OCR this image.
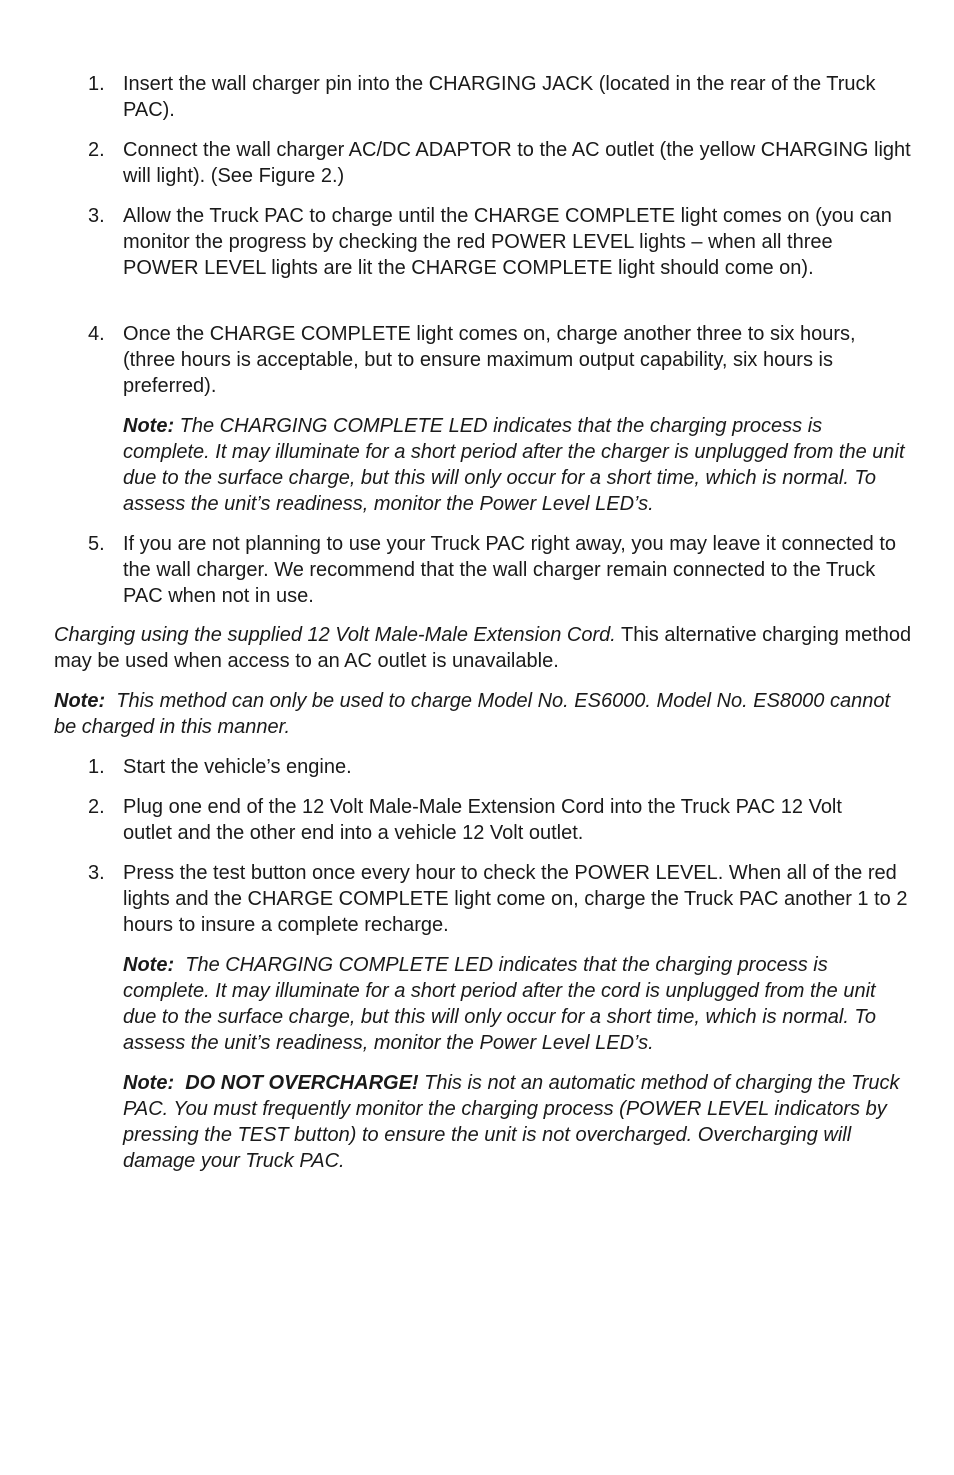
1. Insert the wall charger pin into the CHARGING JACK (located in the rear of the Truck PAC).
2. Connect the wall charger AC/DC ADAPTOR to the AC outlet (the yellow CHARGING light will light). (See Figure 2.)
3. Allow the Truck PAC to charge until the CHARGE COMPLETE light comes on (you can monitor the progress by checking the red POWER LEVEL lights – when all three POWER LEVEL lights are lit the CHARGE COMPLETE light should come on).
4. Once the CHARGE COMPLETE light comes on, charge another three to six hours, (three hours is acceptable, but to ensure maximum output capability, six hours is preferred).
Note: The CHARGING COMPLETE LED indicates that the charging process is complete. It may illuminate for a short period after the charger is unplugged from the unit due to the surface charge, but this will only occur for a short time, which is normal. To assess the unit’s readiness, monitor the Power Level LED’s.
5. If you are not planning to use your Truck PAC right away, you may leave it connected to the wall charger. We recommend that the wall charger remain connected to the Truck PAC when not in use.
Charging using the supplied 12 Volt Male-Male Extension Cord. This alternative charging method may be used when access to an AC outlet is unavailable.
Note:  This method can only be used to charge Model No. ES6000. Model No. ES8000 cannot be charged in this manner.
1. Start the vehicle’s engine.
2. Plug one end of the 12 Volt Male-Male Extension Cord into the Truck PAC 12 Volt outlet and the other end into a vehicle 12 Volt outlet.
3. Press the test button once every hour to check the POWER LEVEL. When all of the red lights and the CHARGE COMPLETE light come on, charge the Truck PAC another 1 to 2 hours to insure a complete recharge.
Note:  The CHARGING COMPLETE LED indicates that the charging process is complete. It may illuminate for a short period after the cord is unplugged from the unit due to the surface charge, but this will only occur for a short time, which is normal. To assess the unit’s readiness, monitor the Power Level LED’s.
Note:  DO NOT OVERCHARGE! This is not an automatic method of charging the Truck PAC. You must frequently monitor the charging process (POWER LEVEL indicators by pressing the TEST button) to ensure the unit is not overcharged. Overcharging will damage your Truck PAC.
